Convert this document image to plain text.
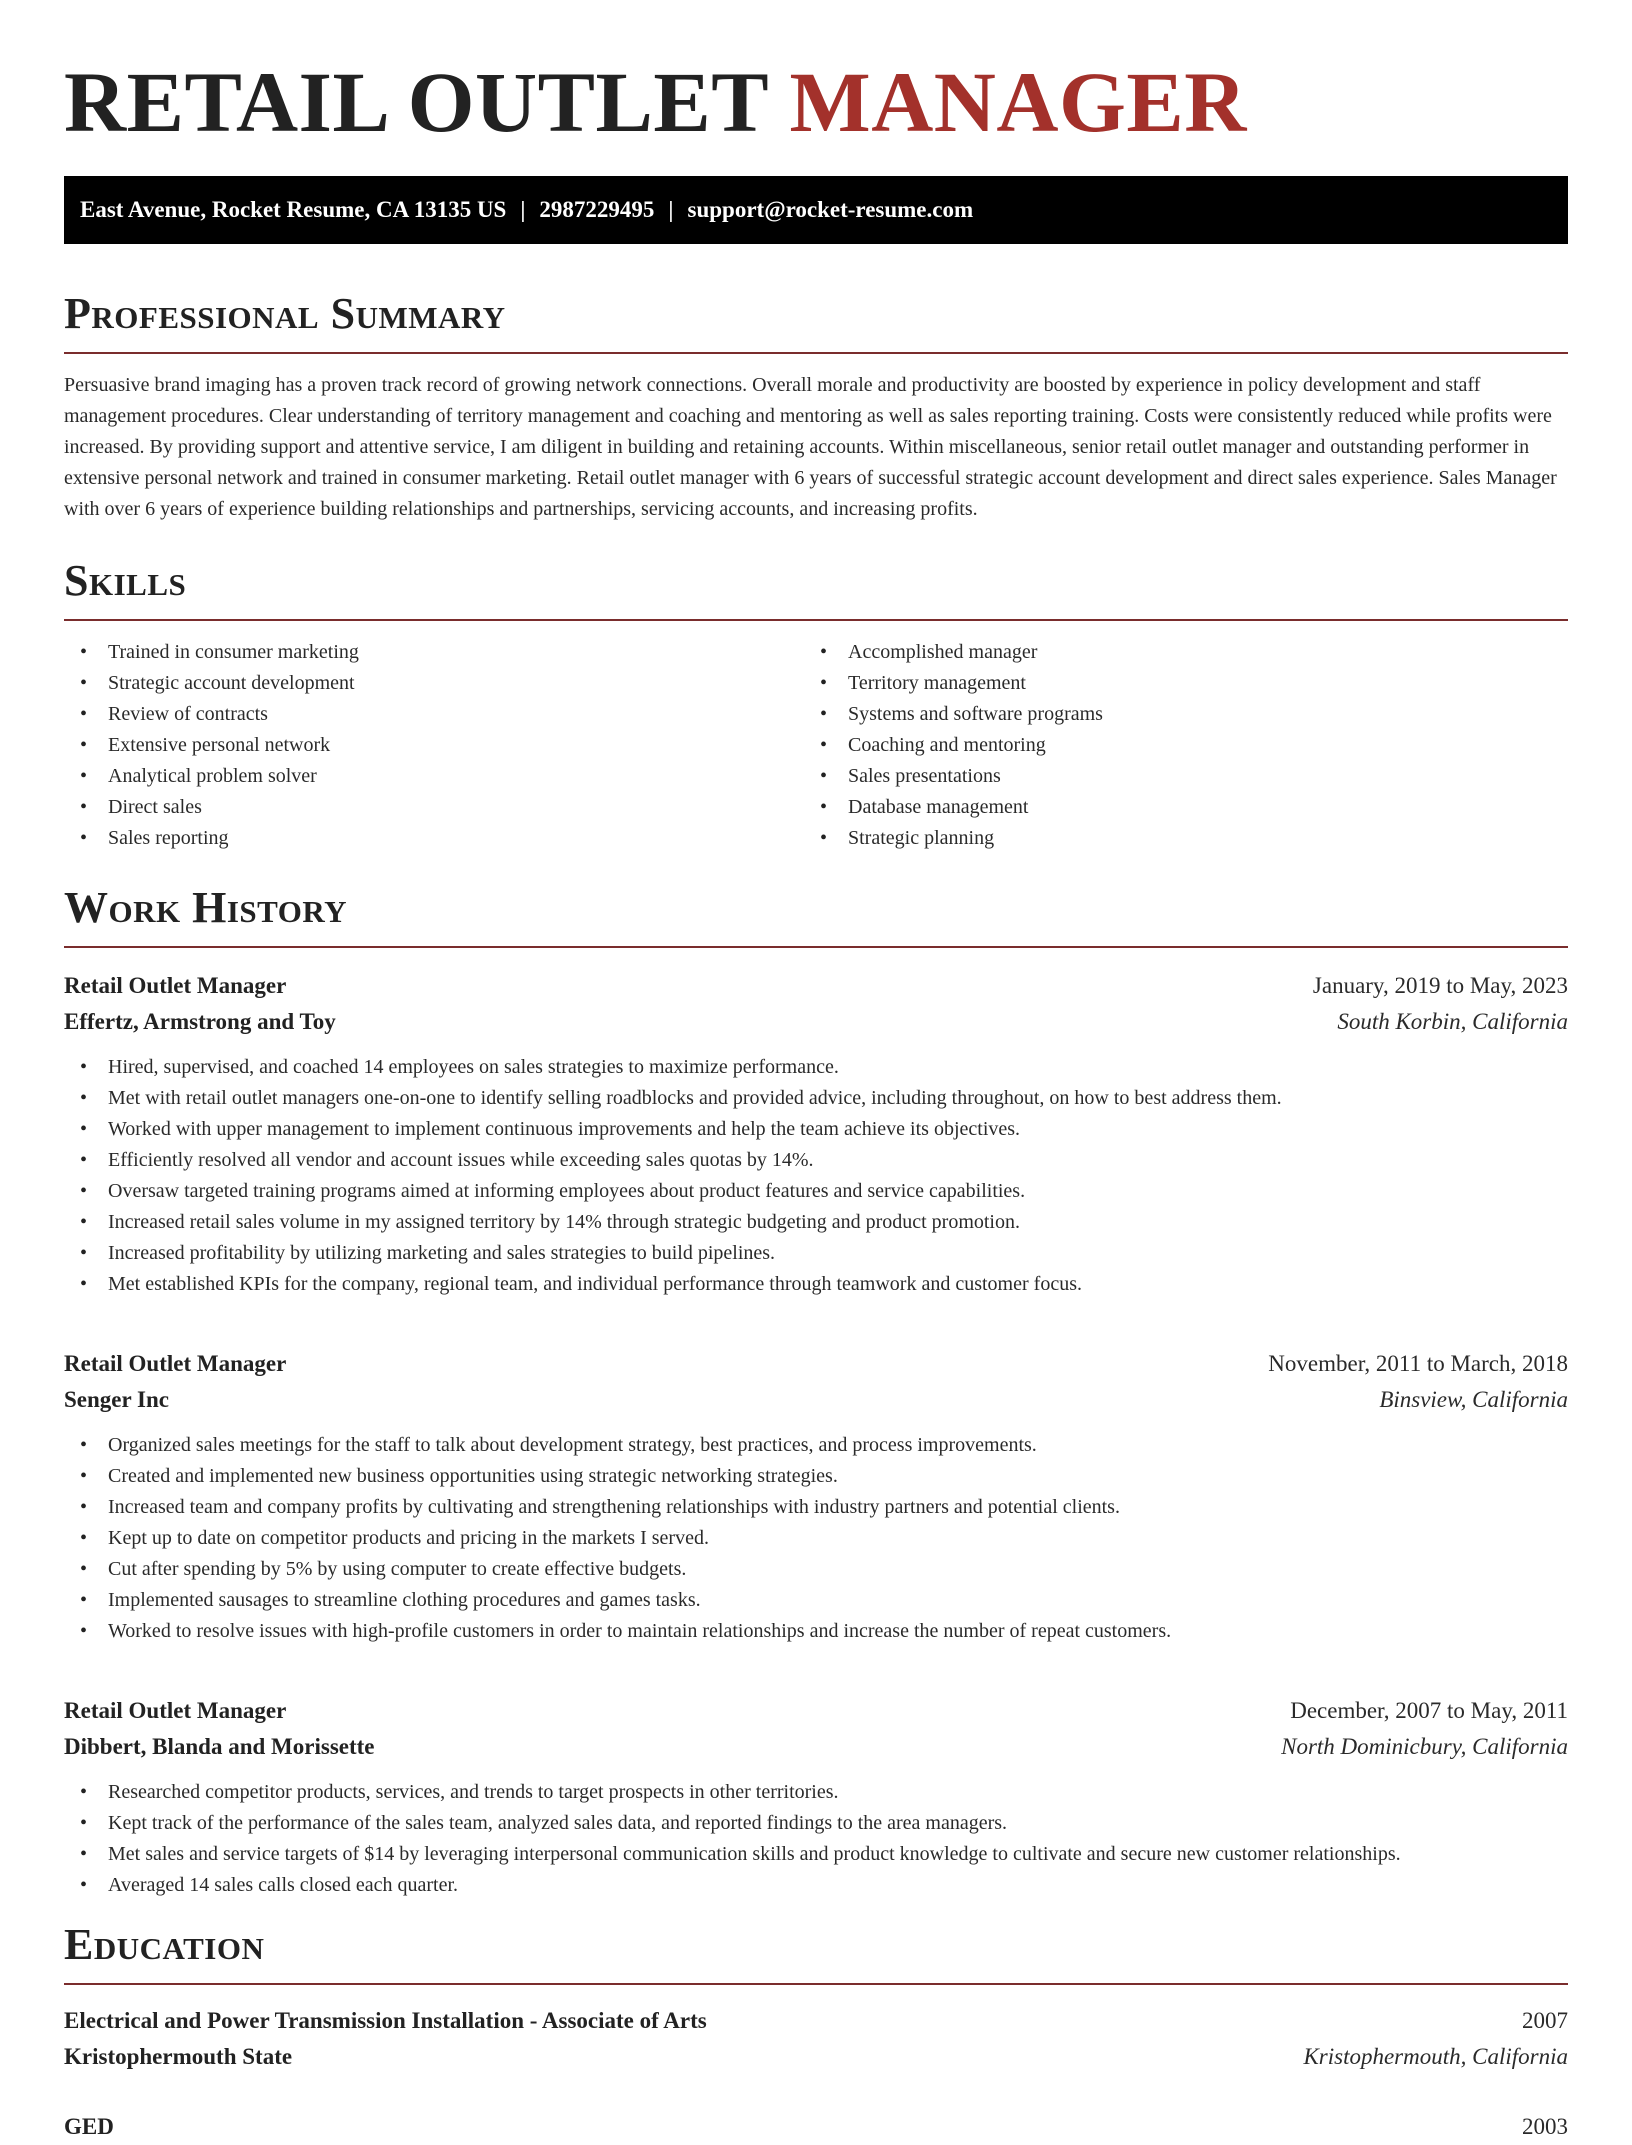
RETAIL OUTLET MANAGER
East Avenue, Rocket Resume, CA 13135 US | 2987229495 | support@rocket-resume.com
Professional Summary

Persuasive brand imaging has a proven track record of growing network connections. Overall morale and productivity are boosted by experience in policy development and staff management procedures. Clear understanding of territory management and coaching and mentoring as well as sales reporting training. Costs were consistently reduced while profits were increased. By providing support and attentive service, I am diligent in building and retaining accounts. Within miscellaneous, senior retail outlet manager and outstanding performer in extensive personal network and trained in consumer marketing. Retail outlet manager with 6 years of successful strategic account development and direct sales experience. Sales Manager with over 6 years of experience building relationships and partnerships, servicing accounts, and increasing profits.

Skills
• Trained in consumer marketing
• Strategic account development
• Review of contracts
• Extensive personal network
• Analytical problem solver
• Direct sales
• Sales reporting
• Accomplished manager
• Territory management
• Systems and software programs
• Coaching and mentoring
• Sales presentations
• Database management
• Strategic planning
Work History
Retail Outlet Manager	January, 2019 to May, 2023
Effertz, Armstrong and Toy	South Korbin, California
• Hired, supervised, and coached 14 employees on sales strategies to maximize performance.
• Met with retail outlet managers one-on-one to identify selling roadblocks and provided advice, including throughout, on how to best address them.
• Worked with upper management to implement continuous improvements and help the team achieve its objectives.
• Efficiently resolved all vendor and account issues while exceeding sales quotas by 14%.
• Oversaw targeted training programs aimed at informing employees about product features and service capabilities.
• Increased retail sales volume in my assigned territory by 14% through strategic budgeting and product promotion.
• Increased profitability by utilizing marketing and sales strategies to build pipelines.
• Met established KPIs for the company, regional team, and individual performance through teamwork and customer focus.
Retail Outlet Manager	November, 2011 to March, 2018
Senger Inc	Binsview, California
• Organized sales meetings for the staff to talk about development strategy, best practices, and process improvements.
• Created and implemented new business opportunities using strategic networking strategies.
• Increased team and company profits by cultivating and strengthening relationships with industry partners and potential clients.
• Kept up to date on competitor products and pricing in the markets I served.
• Cut after spending by 5% by using computer to create effective budgets.
• Implemented sausages to streamline clothing procedures and games tasks.
• Worked to resolve issues with high-profile customers in order to maintain relationships and increase the number of repeat customers.
Retail Outlet Manager	December, 2007 to May, 2011
Dibbert, Blanda and Morissette	North Dominicbury, California
• Researched competitor products, services, and trends to target prospects in other territories.
• Kept track of the performance of the sales team, analyzed sales data, and reported findings to the area managers.
• Met sales and service targets of $14 by leveraging interpersonal communication skills and product knowledge to cultivate and secure new customer relationships.
• Averaged 14 sales calls closed each quarter.
Education
Electrical and Power Transmission Installation - Associate of Arts	2007
Kristophermouth State	Kristophermouth, California
GED	2003
